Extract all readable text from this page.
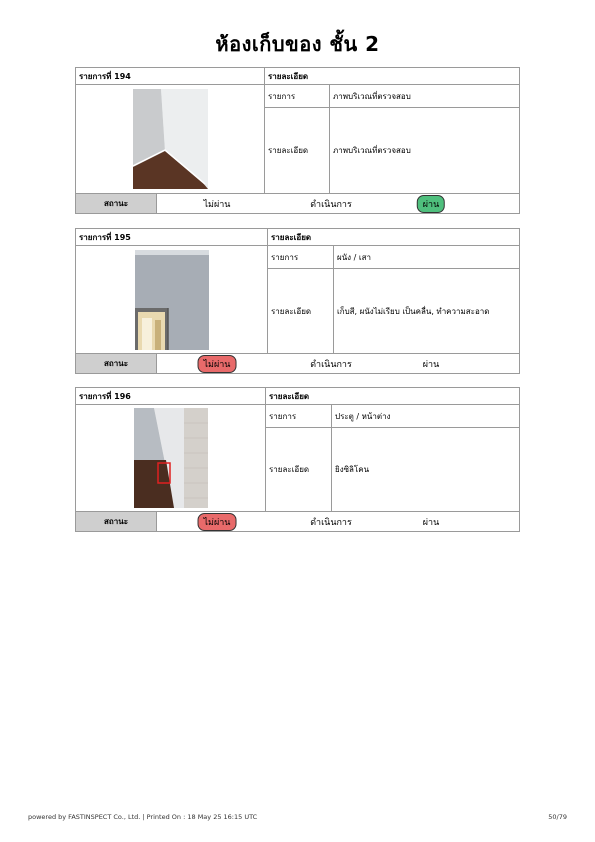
ห้องเก็บของ ชั้น 2
รายการที่ 194		รายละเอียด	

	รายการ	ภาพบริเวณที่ตรวจสอบ
		รายละเอียด	ภาพบริเวณที่ตรวจสอบ
สถานะ	ไม่ผ่าน ดำเนินการ ผ่าน		
รายการที่ 195		รายละเอียด	

	รายการ	ผนัง / เสา
		รายละเอียด	เก็บสี, ผนังไม่เรียบ เป็นคลื่น, ทำความสะอาด
สถานะ	ไม่ผ่าน ดำเนินการ ผ่าน		
รายการที่ 196		รายละเอียด	

	รายการ	ประตู / หน้าต่าง
		รายละเอียด	ยิงซิลิโคน
สถานะ	ไม่ผ่าน ดำเนินการ ผ่าน		
powered by FASTINSPECT Co., Ltd. | Printed On : 18 May 25 16:15 UTC	50/79
